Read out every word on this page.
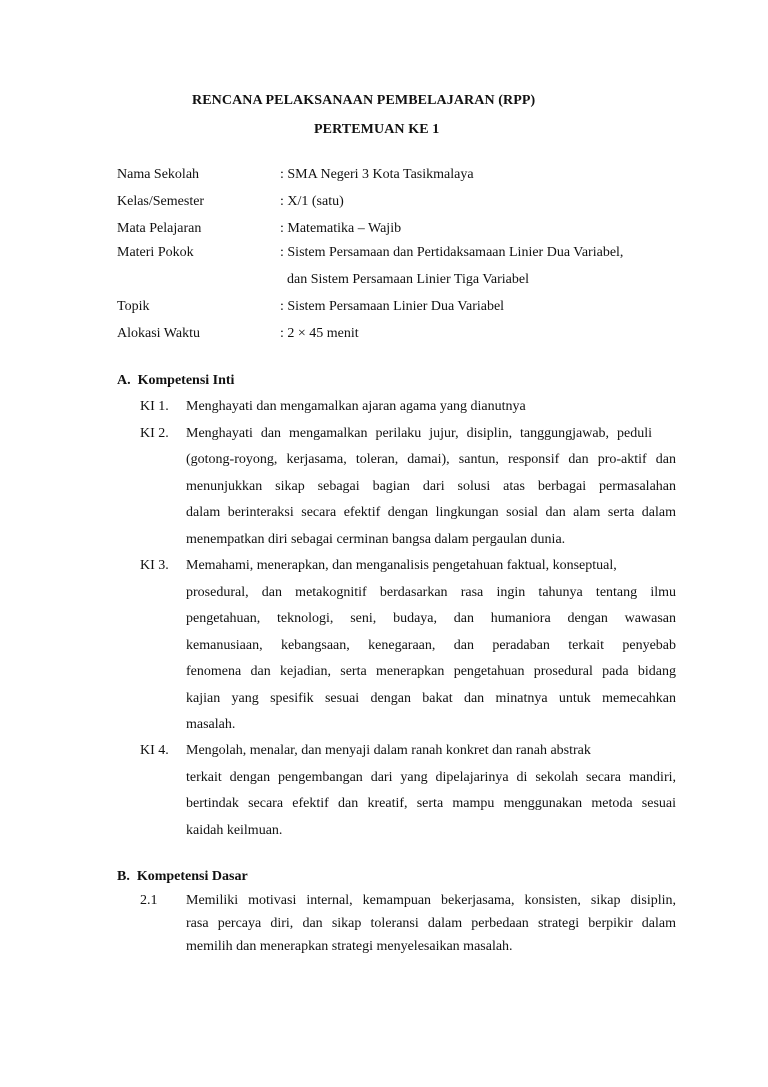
RENCANA PELAKSANAAN PEMBELAJARAN (RPP)
PERTEMUAN KE 1
Nama Sekolah	: SMA Negeri 3 Kota Tasikmalaya
Kelas/Semester	: X/1 (satu)
Mata Pelajaran	: Matematika – Wajib
Materi Pokok	: Sistem Persamaan dan Pertidaksamaan Linier Dua Variabel,
dan Sistem Persamaan Linier Tiga Variabel
Topik	: Sistem Persamaan Linier Dua Variabel
Alokasi Waktu	: 2 × 45 menit
A.  Kompetensi Inti
KI 1. Menghayati dan mengamalkan ajaran agama yang dianutnya
KI 2. Menghayati dan mengamalkan perilaku jujur, disiplin, tanggungjawab, peduli
(gotong-royong, kerjasama, toleran, damai), santun, responsif dan pro-aktif dan
menunjukkan sikap sebagai bagian dari solusi atas berbagai permasalahan
dalam berinteraksi secara efektif dengan lingkungan sosial dan alam serta dalam
menempatkan diri sebagai cerminan bangsa dalam pergaulan dunia.
KI 3. Memahami, menerapkan, dan menganalisis pengetahuan faktual, konseptual,
prosedural, dan metakognitif berdasarkan rasa ingin tahunya tentang ilmu
pengetahuan, teknologi, seni, budaya, dan humaniora dengan wawasan
kemanusiaan, kebangsaan, kenegaraan, dan peradaban terkait penyebab
fenomena dan kejadian, serta menerapkan pengetahuan prosedural pada bidang
kajian yang spesifik sesuai dengan bakat dan minatnya untuk memecahkan
masalah.
KI 4. Mengolah, menalar, dan menyaji dalam ranah konkret dan ranah abstrak
terkait dengan pengembangan dari yang dipelajarinya di sekolah secara mandiri,
bertindak secara efektif dan kreatif, serta mampu menggunakan metoda sesuai
kaidah keilmuan.
B.  Kompetensi Dasar
2.1 Memiliki motivasi internal, kemampuan bekerjasama, konsisten, sikap disiplin,
rasa percaya diri, dan sikap toleransi dalam perbedaan strategi berpikir dalam
memilih dan menerapkan strategi menyelesaikan masalah.
